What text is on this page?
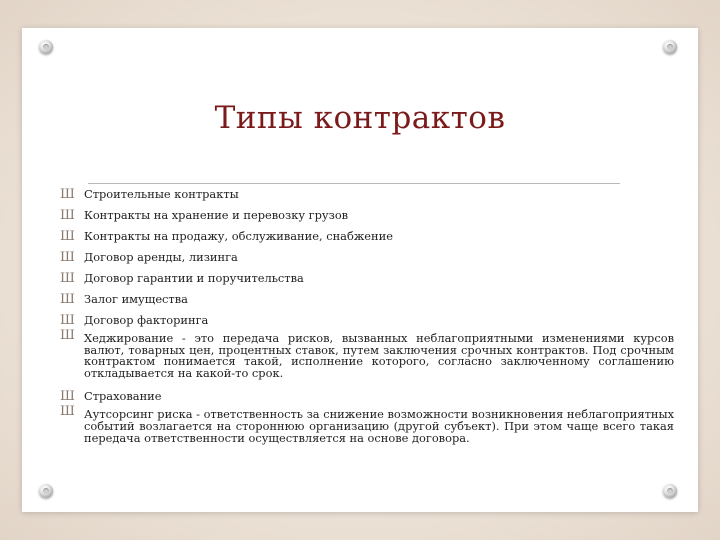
Типы контрактов
Ш Строительные контракты
Ш Контракты на хранение и перевозку грузов
Ш Контракты на продажу, обслуживание, снабжение
Ш Договор аренды, лизинга
Ш Договор гарантии и поручительства
Ш Залог имущества
Ш Договор факторинга
Ш Хеджирование - это передача рисков, вызванных неблагоприятными изменениями курсов валют, товарных цен, процентных ставок, путем заключения срочных контрактов. Под срочным контрактом понимается такой, исполнение которого, согласно заключенному соглашению откладывается на какой-то срок.
Ш Страхование
Ш Аутсорсинг риска - ответственность за снижение возможности возникновения неблагоприятных событий возлагается на стороннюю организацию (другой субъект). При этом чаще всего такая передача ответственности осуществляется на основе договора.
